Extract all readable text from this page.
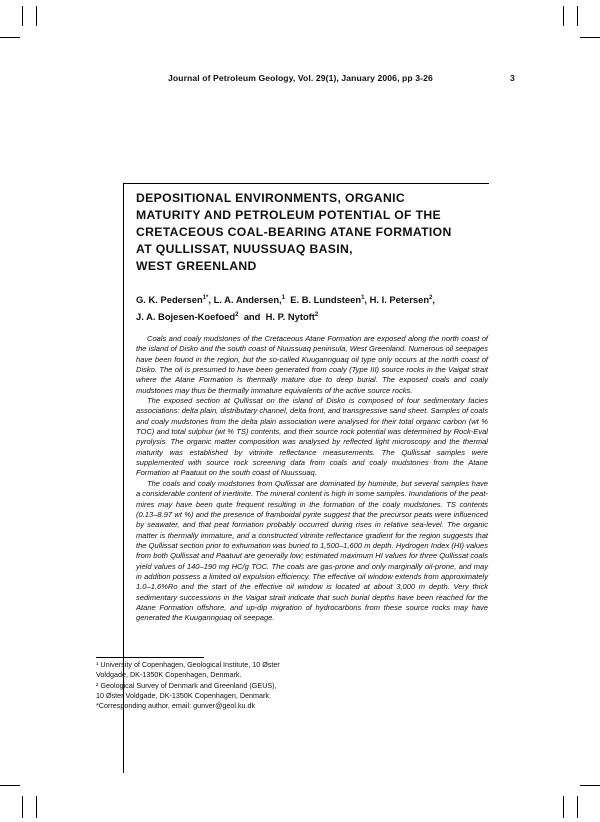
Journal of Petroleum Geology, Vol. 29(1), January 2006, pp 3-26	3
DEPOSITIONAL ENVIRONMENTS, ORGANIC
MATURITY AND PETROLEUM POTENTIAL OF THE
CRETACEOUS COAL-BEARING ATANE FORMATION
AT QULLISSAT, NUUSSUAQ BASIN,
WEST GREENLAND
G. K. Pedersen$^{1*}$, L. A. Andersen,$^1$ E. B. Lundsteen$^1$, H. I. Petersen$^2$,
J. A. Bojesen-Koefoed$^2$ and H. P. Nytoft$^2$

Coals and coaly mudstones of the Cretaceous Atane Formation are exposed along the north coast of the island of Disko and the south coast of Nuussuaq peninsula, West Greenland. Numerous oil seepages have been found in the region, but the so-called Kuugannguaq oil type only occurs at the north coast of Disko. The oil is presumed to have been generated from coaly (Type III) source rocks in the Vaigat strait where the Atane Formation is thermally mature due to deep burial. The exposed coals and coaly mudstones may thus be thermally immature equivalents of the active source rocks.

The exposed section at Qullissat on the island of Disko is composed of four sedimentary facies associations: delta plain, distributary channel, delta front, and transgressive sand sheet. Samples of coals and coaly mudstones from the delta plain association were analysed for their total organic carbon (wt % TOC) and total sulphur (wt % TS) contents, and their source rock potential was determined by Rock-Eval pyrolysis. The organic matter composition was analysed by reflected light microscopy and the thermal maturity was established by vitrinite reflectance measurements. The Qullissat samples were supplemented with source rock screening data from coals and coaly mudstones from the Atane Formation at Paatuut on the south coast of Nuussuaq.

The coals and coaly mudstones from Qullissat are dominated by huminite, but several samples have a considerable content of inertinite. The mineral content is high in some samples. Inundations of the peat-mires may have been quite frequent resulting in the formation of the coaly mudstones. TS contents (0.13–8.97 wt %) and the presence of framboidal pyrite suggest that the precursor peats were influenced by seawater, and that peat formation probably occurred during rises in relative sea-level. The organic matter is thermally immature, and a constructed vitrinite reflectance gradient for the region suggests that the Qullissat section prior to exhumation was buried to 1,500–1,600 m depth. Hydrogen Index (HI) values from both Qullissat and Paatuut are generally low; estimated maximum HI values for three Qullissat coals yield values of 140–190 mg HC/g TOC. The coals are gas-prone and only marginally oil-prone, and may in addition possess a limited oil expulsion efficiency. The effective oil window extends from approximately 1.0–1.6%Ro and the start of the effective oil window is located at about 3,000 m depth. Very thick sedimentary successions in the Vaigat strait indicate that such burial depths have been reached for the Atane Formation offshore, and up-dip migration of hydrocarbons from these source rocks may have generated the Kuugannguaq oil seepage.

¹ University of Copenhagen, Geological Institute, 10 Øster
Voldgade, DK-1350K Copenhagen, Denmark.
² Geological Survey of Denmark and Greenland (GEUS),
10 Øster Voldgade, DK-1350K Copenhagen, Denmark.
*Corresponding author, email: gunver@geol.ku.dk
